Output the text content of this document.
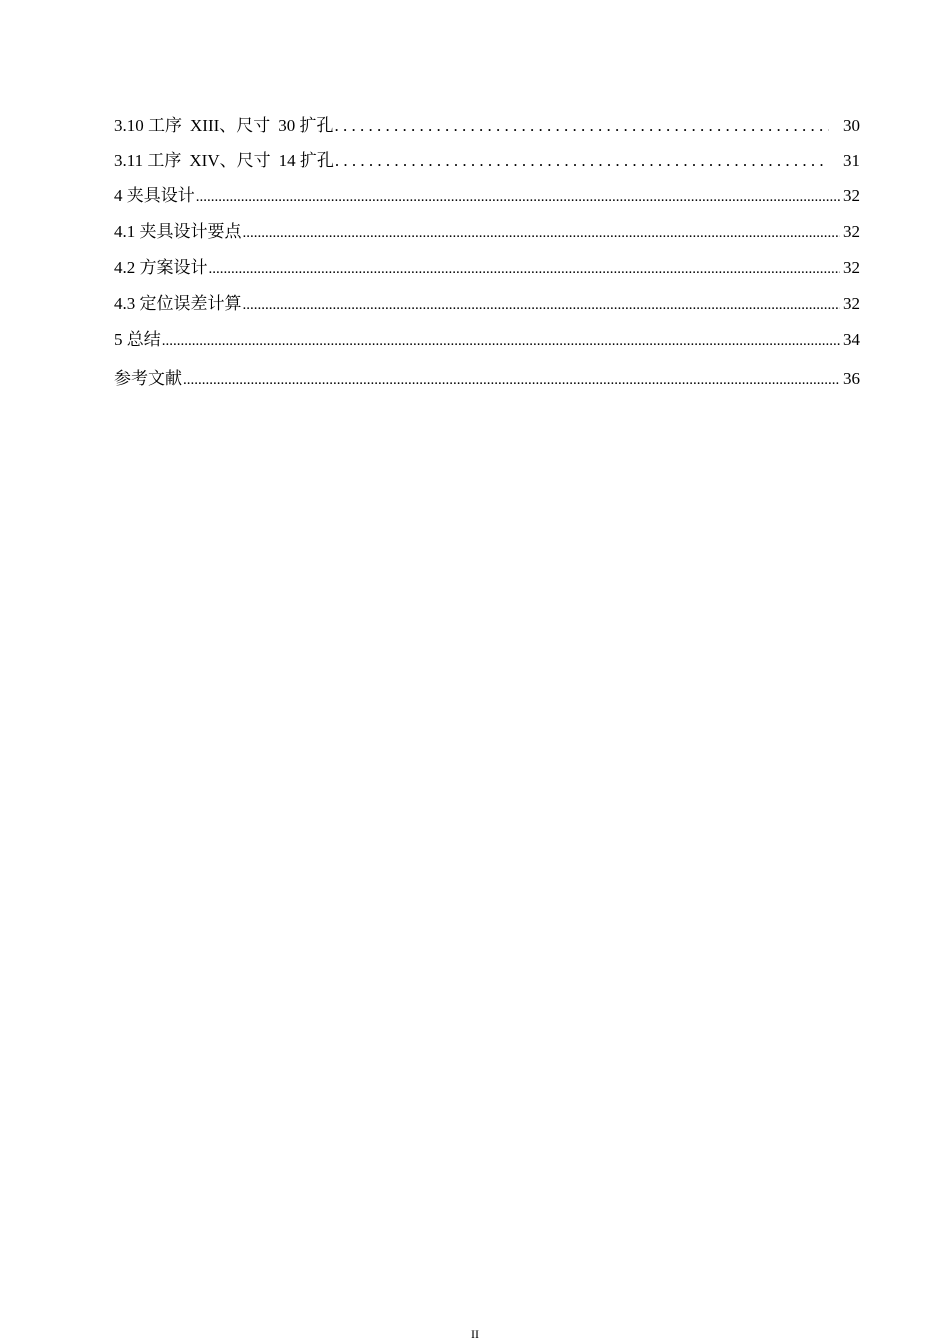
3.10 工序 XIII、尺寸 30 扩孔 . . .	30
3.11 工序 XIV、尺寸 14 扩孔 . . .	31
4 夹具设计 .....	32
4.1 夹具设计要点 .....	32
4.2 方案设计 .....	32
4.3 定位误差计算 .....	32
5 总结 .....	34
参考文献 .....	36
II
